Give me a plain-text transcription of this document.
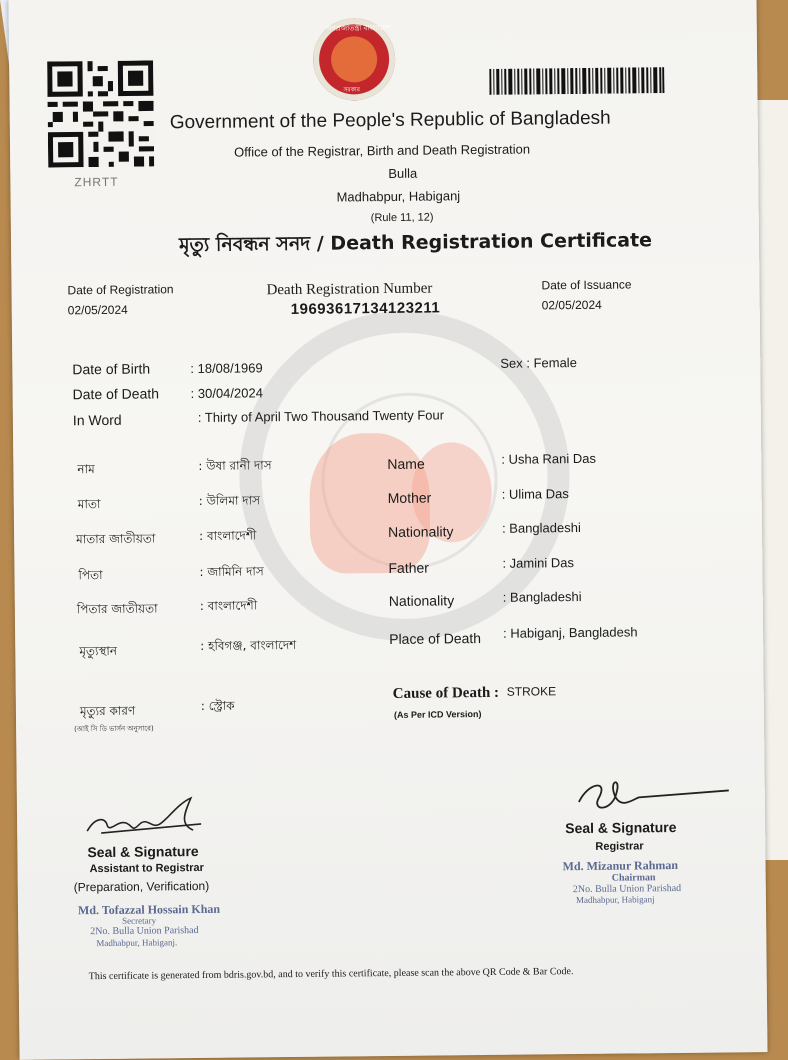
ZHRTT
গণপ্রজাতন্ত্রী বাংলাদেশ
সরকার
Government of the People's Republic of Bangladesh
Office of the Registrar, Birth and Death Registration
Bulla
Madhabpur, Habiganj
(Rule 11, 12)
মৃত্যু নিবন্ধন সনদ / Death Registration Certificate
Date of Registration
02/05/2024
Death Registration Number
19693617134123211
Date of Issuance
02/05/2024
Date of Birth	: 18/08/1969
Date of Death : 30/04/2024
In Word	: Thirty of April Two Thousand Twenty Four
Sex : Female
নাম	: উষা রানী দাস
মাতা	: উলিমা দাস
মাতার জাতীয়তা	: বাংলাদেশী
পিতা	: জামিনি দাস
পিতার জাতীয়তা	: বাংলাদেশী
মৃত্যুস্থান	: হবিগঞ্জ, বাংলাদেশ
মৃত্যুর কারণ	: স্ট্রোক
(আই সি ডি ভার্সন অনুসারে)
Name	: Usha Rani Das
Mother	: Ulima Das
Nationality	: Bangladeshi
Father	: Jamini Das
Nationality	: Bangladeshi
Place of Death : Habiganj, Bangladesh
Cause of Death : STROKE
(As Per ICD Version)
Seal & Signature
Assistant to Registrar
(Preparation, Verification)
Md. Tofazzal Hossain Khan
Secretary
2No. Bulla Union Parishad
Madhabpur, Habiganj.
Seal & Signature
Registrar
Md. Mizanur Rahman
Chairman
2No. Bulla Union Parishad
Madhabpur, Habiganj
This certificate is generated from bdris.gov.bd, and to verify this certificate, please scan the above QR Code & Bar Code.
